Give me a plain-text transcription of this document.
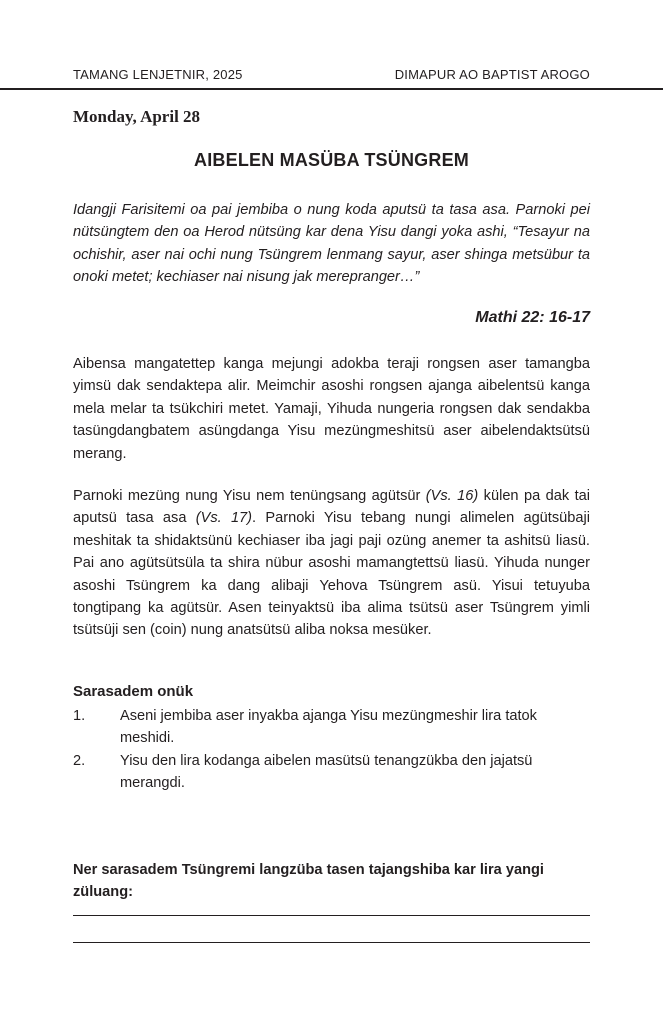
TAMANG LENJETNIR, 2025	DIMAPUR AO BAPTIST AROGO
Monday, April 28
AIBELEN MASÜBA TSÜNGREM
Idangji Farisitemi oa pai jembiba o nung koda aputsü ta tasa asa. Parnoki pei nütsüngtem den oa Herod nütsüng kar dena Yisu dangi yoka ashi, “Tesayur na ochishir, aser nai ochi nung Tsüngrem lenmang sayur, aser shinga metsübur ta onoki metet; kechiaser nai nisung jak merepranger…”
Mathi 22: 16-17

Aibensa mangatettep kanga mejungi adokba teraji rongsen aser tamangba yimsü dak sendaktepa alir. Meimchir asoshi rongsen ajanga aibelentsü kanga mela melar ta tsükchiri metet. Yamaji, Yihuda nungeria rongsen dak sendakba tasüngdangbatem asüngdanga Yisu mezüngmeshitsü aser aibelendaktsütsü merang.

Parnoki mezüng nung Yisu nem tenüngsang agütsür (Vs. 16) külen pa dak tai aputsü tasa asa (Vs. 17). Parnoki Yisu tebang nungi alimelen agütsübaji meshitak ta shidaktsünü kechiaser iba jagi paji ozüng anemer ta ashitsü liasü. Pai ano agütsütsüla ta shira nübur asoshi mamangtettsü liasü. Yihuda nunger asoshi Tsüngrem ka dang alibaji Yehova Tsüngrem asü. Yisui tetuyuba tongtipang ka agütsür. Asen teinyaktsü iba alima tsütsü aser Tsüngrem yimli tsütsüji sen (coin) nung anatsütsü aliba noksa mesüker.

Sarasadem onük
1.	Aseni jembiba aser inyakba ajanga Yisu mezüngmeshir lira tatok meshidi.
2.	Yisu den lira kodanga aibelen masütsü tenangzükba den jajatsü merangdi.
Ner sarasadem Tsüngremi langzüba tasen tajangshiba kar lira yangi züluang:
